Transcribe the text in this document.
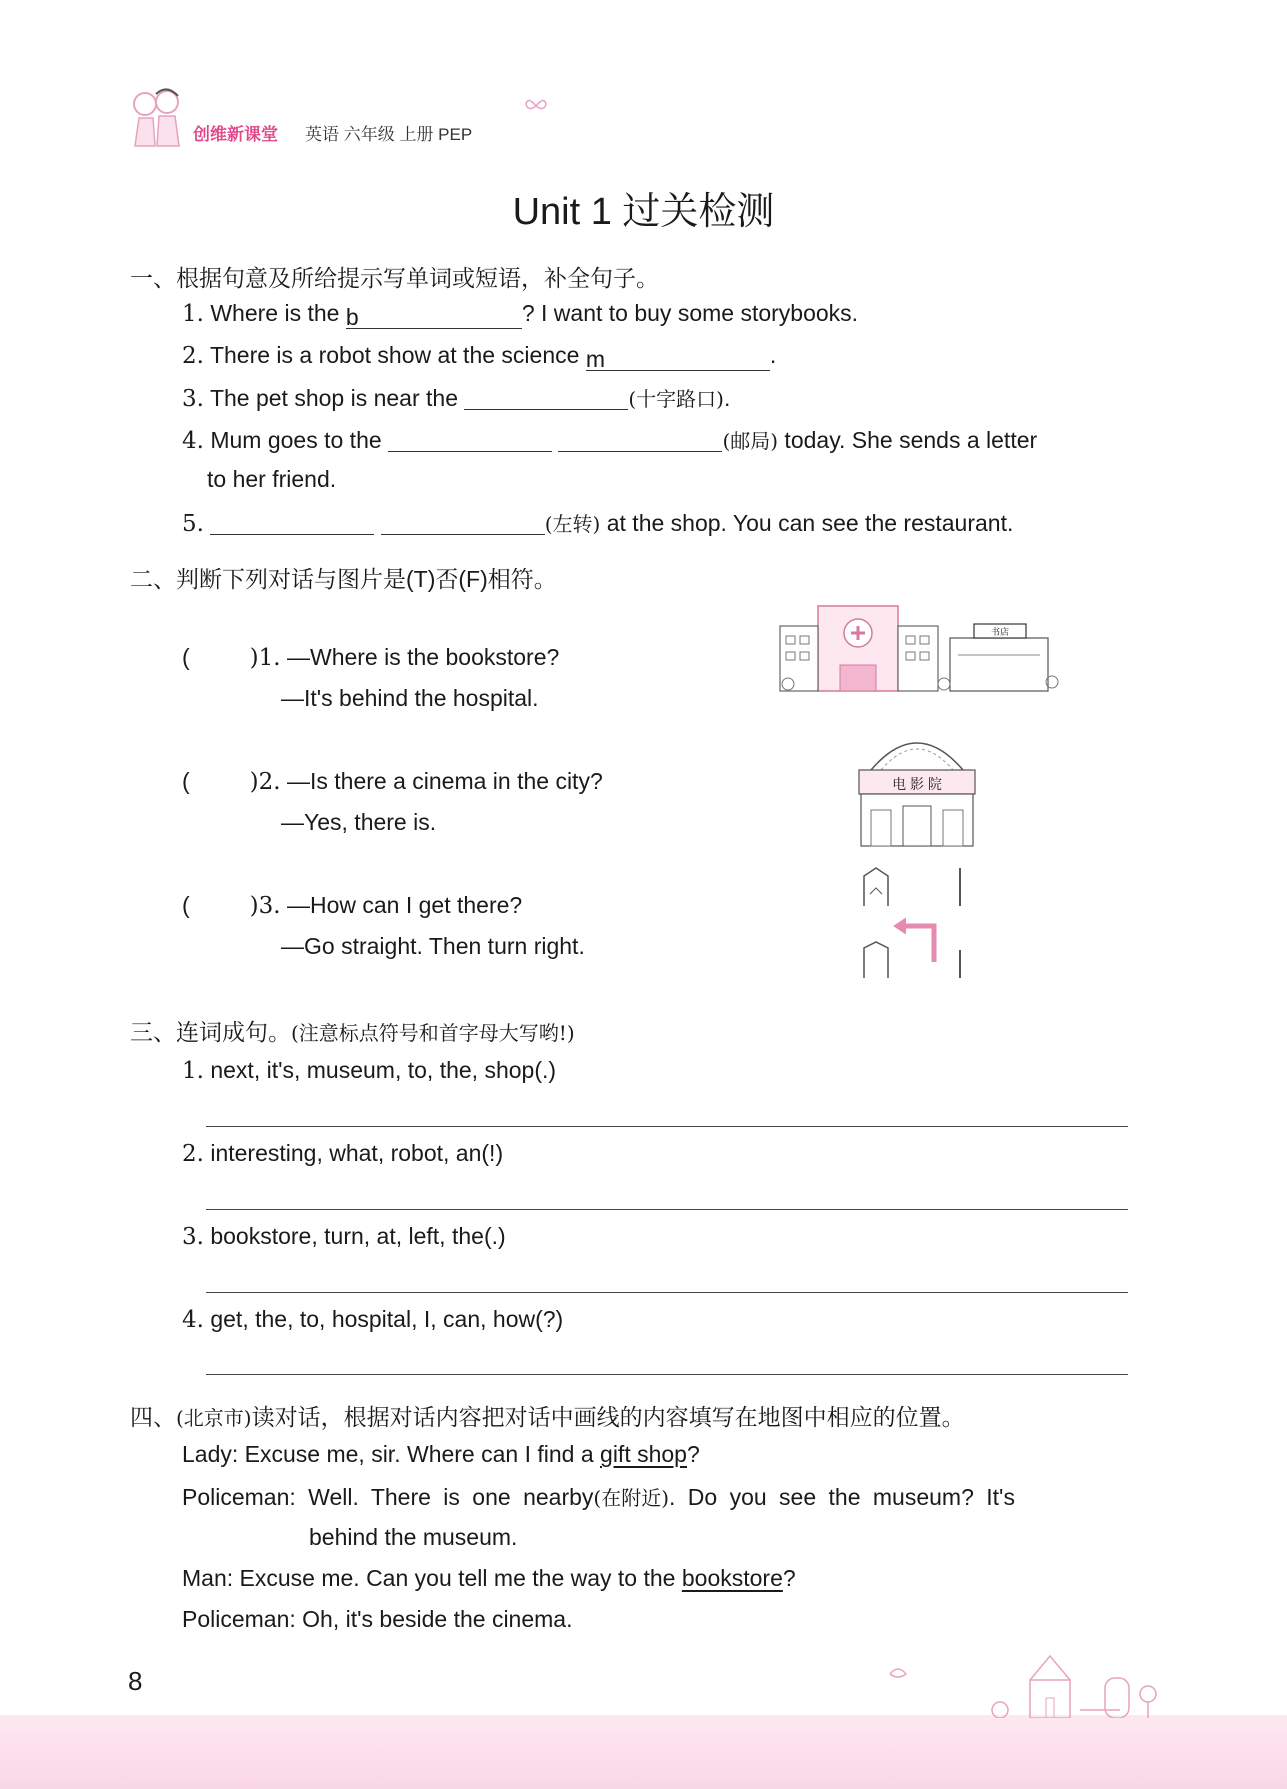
创维新课堂 英语 六年级 上册 PEP
Unit 1 过关检测
一、根据句意及所给提示写单词或短语，补全句子。
1. Where is the b	? I want to buy some storybooks.
2. There is a robot show at the science m	.
3. The pet shop is near the	(十字路口).
4. Mum goes to the	(邮局) today. She sends a letter
to her friend.
5.	(左转) at the shop. You can see the restaurant.
二、判断下列对话与图片是(T)否(F)相符。
(	)1. —Where is the bookstore?
—It's behind the hospital.
(	)2. —Is there a cinema in the city?
—Yes, there is.
(	)3. —How can I get there?
—Go straight. Then turn right.
书店
电 影 院
三、连词成句。(注意标点符号和首字母大写哟!)
1. next, it's, museum, to, the, shop(.)
2. interesting, what, robot, an(!)
3. bookstore, turn, at, left, the(.)
4. get, the, to, hospital, I, can, how(?)
四、(北京市)读对话，根据对话内容把对话中画线的内容填写在地图中相应的位置。
Lady: Excuse me, sir. Where can I find a gift shop?
Policeman: Well. There is one nearby(在附近). Do you see the museum? It's
behind the museum.
Man: Excuse me. Can you tell me the way to the bookstore?
Policeman: Oh, it's beside the cinema.
8
